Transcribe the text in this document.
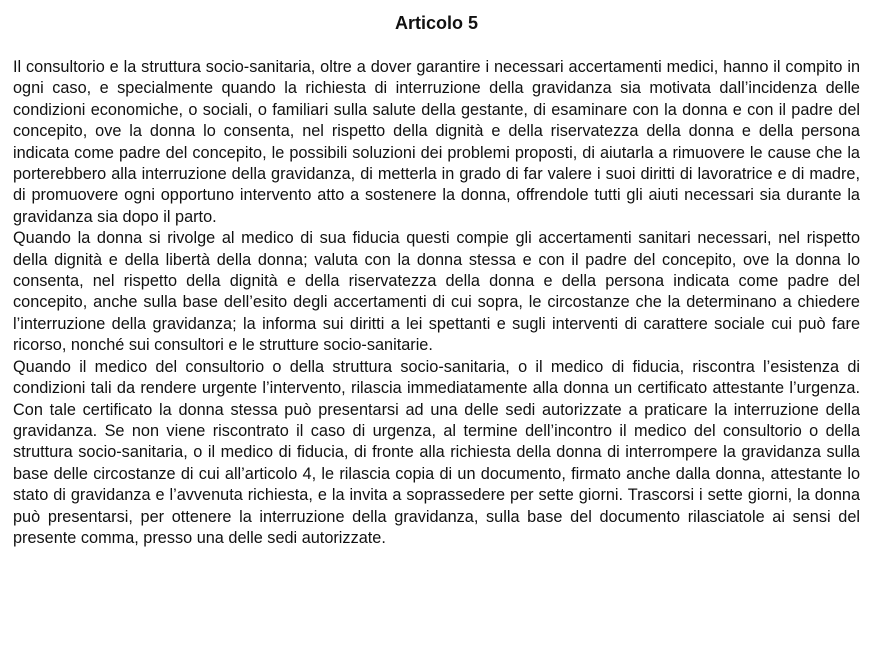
Articolo 5

Il consultorio e la struttura socio-sanitaria, oltre a dover garantire i necessari accertamenti medici, hanno il compito in ogni caso, e specialmente quando la richiesta di interruzione della gravidanza sia motivata dall’incidenza delle condizioni economiche, o sociali, o familiari sulla salute della gestante, di esaminare con la donna e con il padre del concepito, ove la donna lo consenta, nel rispetto della dignità e della riservatezza della donna e della persona indicata come padre del concepito, le possibili soluzioni dei problemi proposti, di aiutarla a rimuovere le cause che la porterebbero alla interruzione della gravidanza, di metterla in grado di far valere i suoi diritti di lavoratrice e di madre, di promuovere ogni opportuno intervento atto a sostenere la donna, offrendole tutti gli aiuti necessari sia durante la gravidanza sia dopo il parto.

Quando la donna si rivolge al medico di sua fiducia questi compie gli accertamenti sanitari necessari, nel rispetto della dignità e della libertà della donna; valuta con la donna stessa e con il padre del concepito, ove la donna lo consenta, nel rispetto della dignità e della riservatezza della donna e della persona indicata come padre del concepito, anche sulla base dell’esito degli accertamenti di cui sopra, le circostanze che la determinano a chiedere l’interruzione della gravidanza; la informa sui diritti a lei spettanti e sugli interventi di carattere sociale cui può fare ricorso, nonché sui consultori e le strutture socio-sanitarie.

Quando il medico del consultorio o della struttura socio-sanitaria, o il medico di fiducia, riscontra l’esistenza di condizioni tali da rendere urgente l’intervento, rilascia immediatamente alla donna un certificato attestante l’urgenza. Con tale certificato la donna stessa può presentarsi ad una delle sedi autorizzate a praticare la interruzione della gravidanza. Se non viene riscontrato il caso di urgenza, al termine dell’incontro il medico del consultorio o della struttura socio-sanitaria, o il medico di fiducia, di fronte alla richiesta della donna di interrompere la gravidanza sulla base delle circostanze di cui all’articolo 4, le rilascia copia di un documento, firmato anche dalla donna, attestante lo stato di gravidanza e l’avvenuta richiesta, e la invita a soprassedere per sette giorni. Trascorsi i sette giorni, la donna può presentarsi, per ottenere la interruzione della gravidanza, sulla base del documento rilasciatole ai sensi del presente comma, presso una delle sedi autorizzate.
